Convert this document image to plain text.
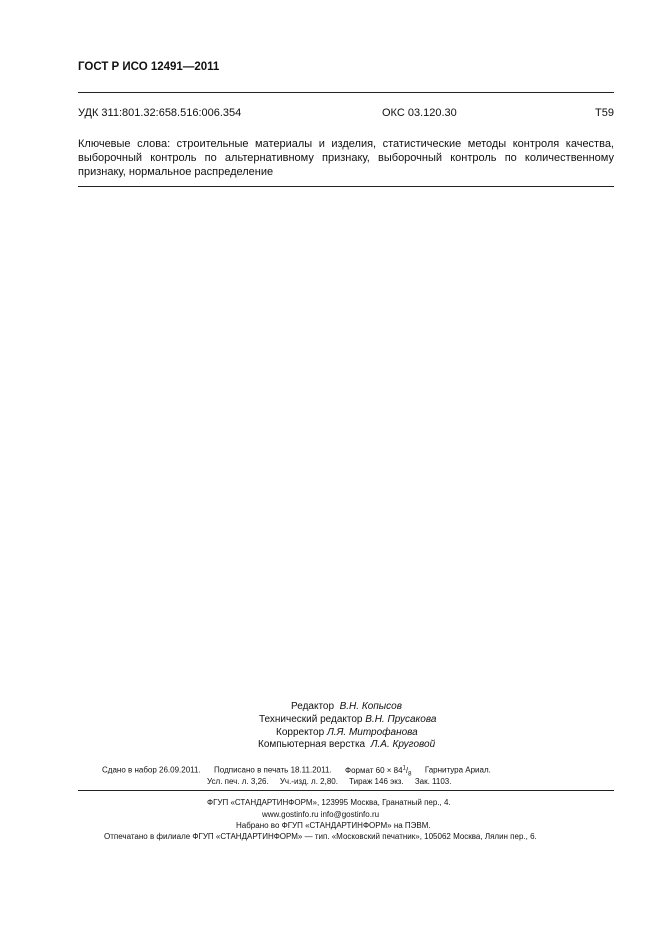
ГОСТ Р ИСО 12491—2011
УДК 311:801.32:658.516:006.354	ОКС 03.120.30	T59
Ключевые слова: строительные материалы и изделия, статистические методы контроля качества, выборочный контроль по альтернативному признаку, выборочный контроль по количественному признаку, нормальное распределение
Редактор В.Н. Копысов
Технический редактор В.Н. Прусакова
Корректор Л.Я. Митрофанова
Компьютерная верстка Л.А. Круговой
Сдано в набор 26.09.2011. Подписано в печать 18.11.2011. Формат $60 \times 84^1/_8$ Гарнитура Ариал.
Усл. печ. л. 3,26. Уч.-изд. л. 2,80. Тираж 146 экз. Зак. 1103.
ФГУП «СТАНДАРТИНФОРМ», 123995 Москва, Гранатный пер., 4.
www.gostinfo.ru info@gostinfo.ru
Набрано во ФГУП «СТАНДАРТИНФОРМ» на ПЭВМ.
Отпечатано в филиале ФГУП «СТАНДАРТИНФОРМ» — тип. «Московский печатник», 105062 Москва, Лялин пер., 6.
